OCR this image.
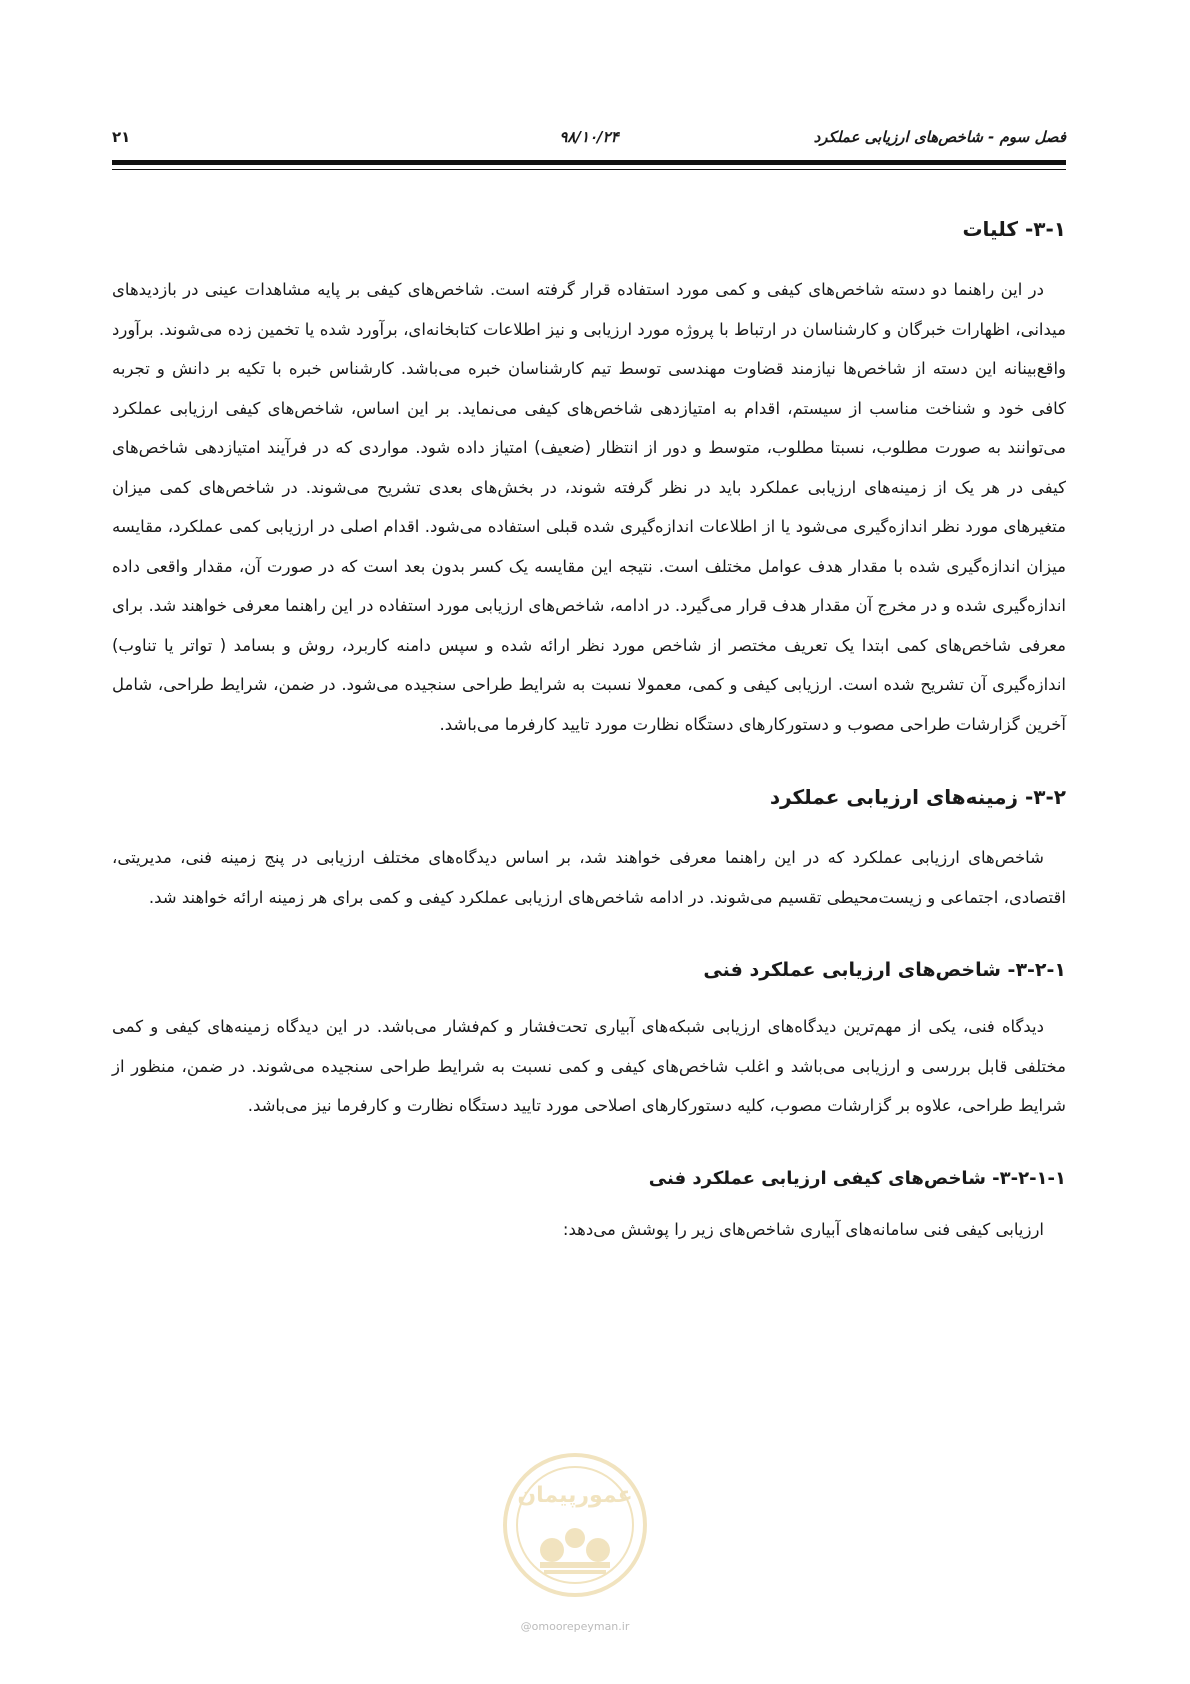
فصل سوم - شاخص‌های ارزیابی عملکرد
۹۸/۱۰/۲۴
۲۱
۳-۱- کلیات

در این راهنما دو دسته شاخص‌های کیفی و کمی مورد استفاده قرار گرفته است. شاخص‌های کیفی بر پایه مشاهدات عینی در بازدیدهای میدانی، اظهارات خبرگان و کارشناسان در ارتباط با پروژه مورد ارزیابی و نیز اطلاعات کتابخانه‌ای، برآورد شده یا تخمین زده می‌شوند. برآورد واقع‌بینانه این دسته از شاخص‌ها نیازمند قضاوت مهندسی توسط تیم کارشناسان خبره می‌باشد. کارشناس خبره با تکیه بر دانش و تجربه کافی خود و شناخت مناسب از سیستم، اقدام به امتیازدهی شاخص‌های کیفی می‌نماید. بر این اساس، شاخص‌های کیفی ارزیابی عملکرد می‌توانند به صورت مطلوب، نسبتا مطلوب، متوسط و دور از انتظار (ضعیف) امتیاز داده شود. مواردی که در فرآیند امتیازدهی شاخص‌های کیفی در هر یک از زمینه‌های ارزیابی عملکرد باید در نظر گرفته شوند، در بخش‌های بعدی تشریح می‌شوند. در شاخص‌های کمی میزان متغیرهای مورد نظر اندازه‌گیری می‌شود یا از اطلاعات اندازه‌گیری شده قبلی استفاده می‌شود. اقدام اصلی در ارزیابی کمی عملکرد، مقایسه میزان اندازه‌گیری شده با مقدار هدف عوامل مختلف است. نتیجه این مقایسه یک کسر بدون بعد است که در صورت آن، مقدار واقعی داده اندازه‌گیری شده و در مخرج آن مقدار هدف قرار می‌گیرد. در ادامه، شاخص‌های ارزیابی مورد استفاده در این راهنما معرفی خواهند شد. برای معرفی شاخص‌های کمی ابتدا یک تعریف مختصر از شاخص مورد نظر ارائه شده و سپس دامنه کاربرد، روش و بسامد ( تواتر یا تناوب) اندازه‌گیری آن تشریح شده است. ارزیابی کیفی و کمی، معمولا نسبت به شرایط طراحی سنجیده می‌شود. در ضمن، شرایط طراحی، شامل آخرین گزارشات طراحی مصوب و دستورکارهای دستگاه نظارت مورد تایید کارفرما می‌باشد.

۳-۲- زمینه‌های ارزیابی عملکرد

شاخص‌های ارزیابی عملکرد که در این راهنما معرفی خواهند شد، بر اساس دیدگاه‌های مختلف ارزیابی در پنج زمینه فنی، مدیریتی، اقتصادی، اجتماعی و زیست‌محیطی تقسیم می‌شوند. در ادامه شاخص‌های ارزیابی عملکرد کیفی و کمی برای هر زمینه ارائه خواهند شد.

۳-۲-۱- شاخص‌های ارزیابی عملکرد فنی

دیدگاه فنی، یکی از مهم‌ترین دیدگاه‌های ارزیابی شبکه‌های آبیاری تحت‌فشار و کم‌فشار می‌باشد. در این دیدگاه زمینه‌های کیفی و کمی مختلفی قابل بررسی و ارزیابی می‌باشد و اغلب شاخص‌های کیفی و کمی نسبت به شرایط طراحی سنجیده می‌شوند. در ضمن، منظور از شرایط طراحی، علاوه بر گزارشات مصوب، کلیه دستورکارهای اصلاحی مورد تایید دستگاه نظارت و کارفرما نیز می‌باشد.

۳-۲-۱-۱- شاخص‌های کیفی ارزیابی عملکرد فنی

ارزیابی کیفی فنی سامانه‌های آبیاری شاخص‌های زیر را پوشش می‌دهد:

عمورپیمان
@omoorepeyman.ir
